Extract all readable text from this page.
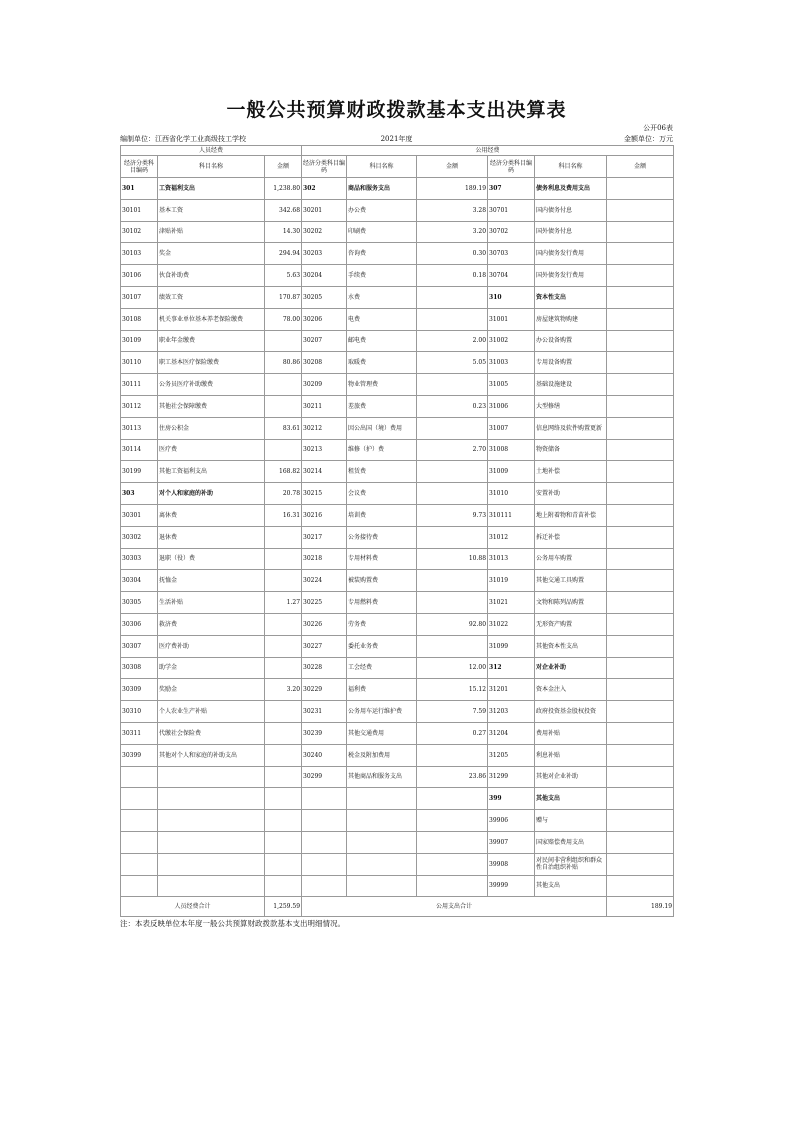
一般公共预算财政拨款基本支出决算表
公开06表
编制单位：江西省化学工业高级技工学校	2021年度	金额单位：万元
人员经费			公用经费					
经济分类科目编码	科目名称	金额	经济分类科目编码	科目名称	金额	经济分类科目编码	科目名称	金额
301	工资福利支出	1,238.80	302	商品和服务支出	189.19	307	债务利息及费用支出	
30101	基本工资	342.68	30201	办公费	3.28	30701	国内债务付息	
30102	津贴补贴	14.30	30202	印刷费	3.20	30702	国外债务付息	
30103	奖金	294.94	30203	咨询费	0.30	30703	国内债务发行费用	
30106	伙食补助费	5.63	30204	手续费	0.18	30704	国外债务发行费用	
30107	绩效工资	170.87	30205	水费		310	资本性支出	
30108	机关事业单位基本养老保险缴费	78.00	30206	电费		31001	房屋建筑物购建	
30109	职业年金缴费		30207	邮电费	2.00	31002	办公设备购置	
30110	职工基本医疗保险缴费	80.86	30208	取暖费	5.05	31003	专用设备购置	
30111	公务员医疗补助缴费		30209	物业管理费		31005	基础设施建设	
30112	其他社会保障缴费		30211	差旅费	0.23	31006	大型修缮	
30113	住房公积金	83.61	30212	因公出国（境）费用		31007	信息网络及软件购置更新	
30114	医疗费		30213	维修（护）费	2.70	31008	物资储备	
30199	其他工资福利支出	168.82	30214	租赁费		31009	土地补偿	
303	对个人和家庭的补助	20.78	30215	会议费		31010	安置补助	
30301	离休费	16.31	30216	培训费	9.73	310111	地上附着物和青苗补偿	
30302	退休费		30217	公务接待费		31012	拆迁补偿	
30303	退职（役）费		30218	专用材料费	10.88	31013	公务用车购置	
30304	抚恤金		30224	被装购置费		31019	其他交通工具购置	
30305	生活补贴	1.27	30225	专用燃料费		31021	文物和陈列品购置	
30306	救济费		30226	劳务费	92.80	31022	无形资产购置	
30307	医疗费补助		30227	委托业务费		31099	其他资本性支出	
30308	助学金		30228	工会经费	12.00	312	对企业补助	
30309	奖励金	3.20	30229	福利费	15.12	31201	资本金注入	
30310	个人农业生产补贴		30231	公务用车运行维护费	7.59	31203	政府投资基金股权投资	
30311	代缴社会保险费		30239	其他交通费用	0.27	31204	费用补贴	
30399	其他对个人和家庭的补助支出		30240	税金及附加费用		31205	利息补贴	
			30299	其他商品和服务支出	23.86	31299	其他对企业补助	
						399	其他支出	
						39906	赠与	
						39907	国家赔偿费用支出	
						39908	对民间非营利组织和群众性自治组织补贴	
						39999	其他支出	
人员经费合计		1,259.59	公用支出合计					189.19
注：本表反映单位本年度一般公共预算财政拨款基本支出明细情况。
